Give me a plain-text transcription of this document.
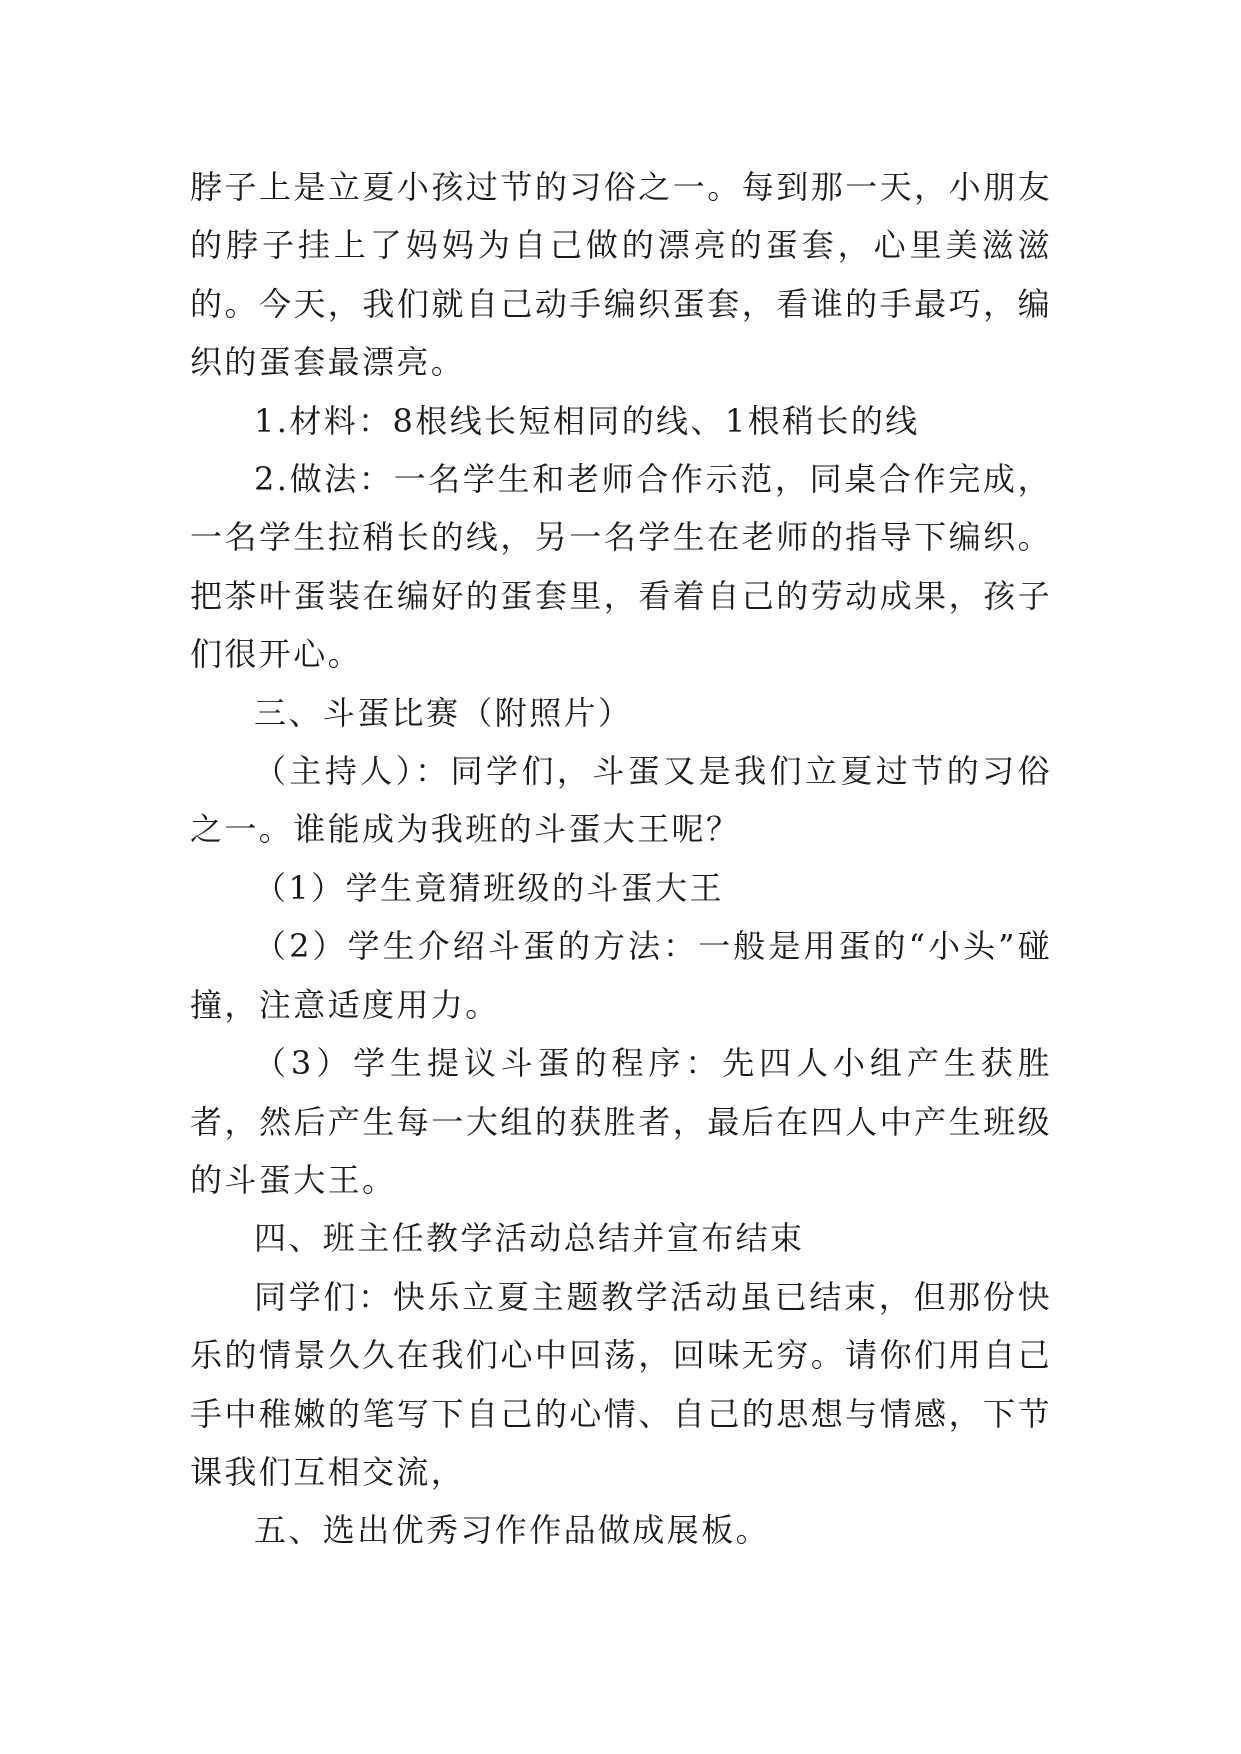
脖子上是立夏小孩过节的习俗之一。每到那一天，小朋友的脖子挂上了妈妈为自己做的漂亮的蛋套，心里美滋滋的。今天，我们就自己动手编织蛋套，看谁的手最巧，编织的蛋套最漂亮。

1.材料：8根线长短相同的线、1根稍长的线

2.做法：一名学生和老师合作示范，同桌合作完成，一名学生拉稍长的线，另一名学生在老师的指导下编织。把茶叶蛋装在编好的蛋套里，看着自己的劳动成果，孩子们很开心。

三、斗蛋比赛（附照片）

（主持人）：同学们，斗蛋又是我们立夏过节的习俗之一。谁能成为我班的斗蛋大王呢？

（1）学生竟猜班级的斗蛋大王

（2）学生介绍斗蛋的方法：一般是用蛋的“小头”碰撞，注意适度用力。

（3）学生提议斗蛋的程序：先四人小组产生获胜者，然后产生每一大组的获胜者，最后在四人中产生班级的斗蛋大王。

四、班主任教学活动总结并宣布结束

同学们：快乐立夏主题教学活动虽已结束，但那份快乐的情景久久在我们心中回荡，回味无穷。请你们用自己手中稚嫩的笔写下自己的心情、自己的思想与情感，下节课我们互相交流，

五、选出优秀习作作品做成展板。
